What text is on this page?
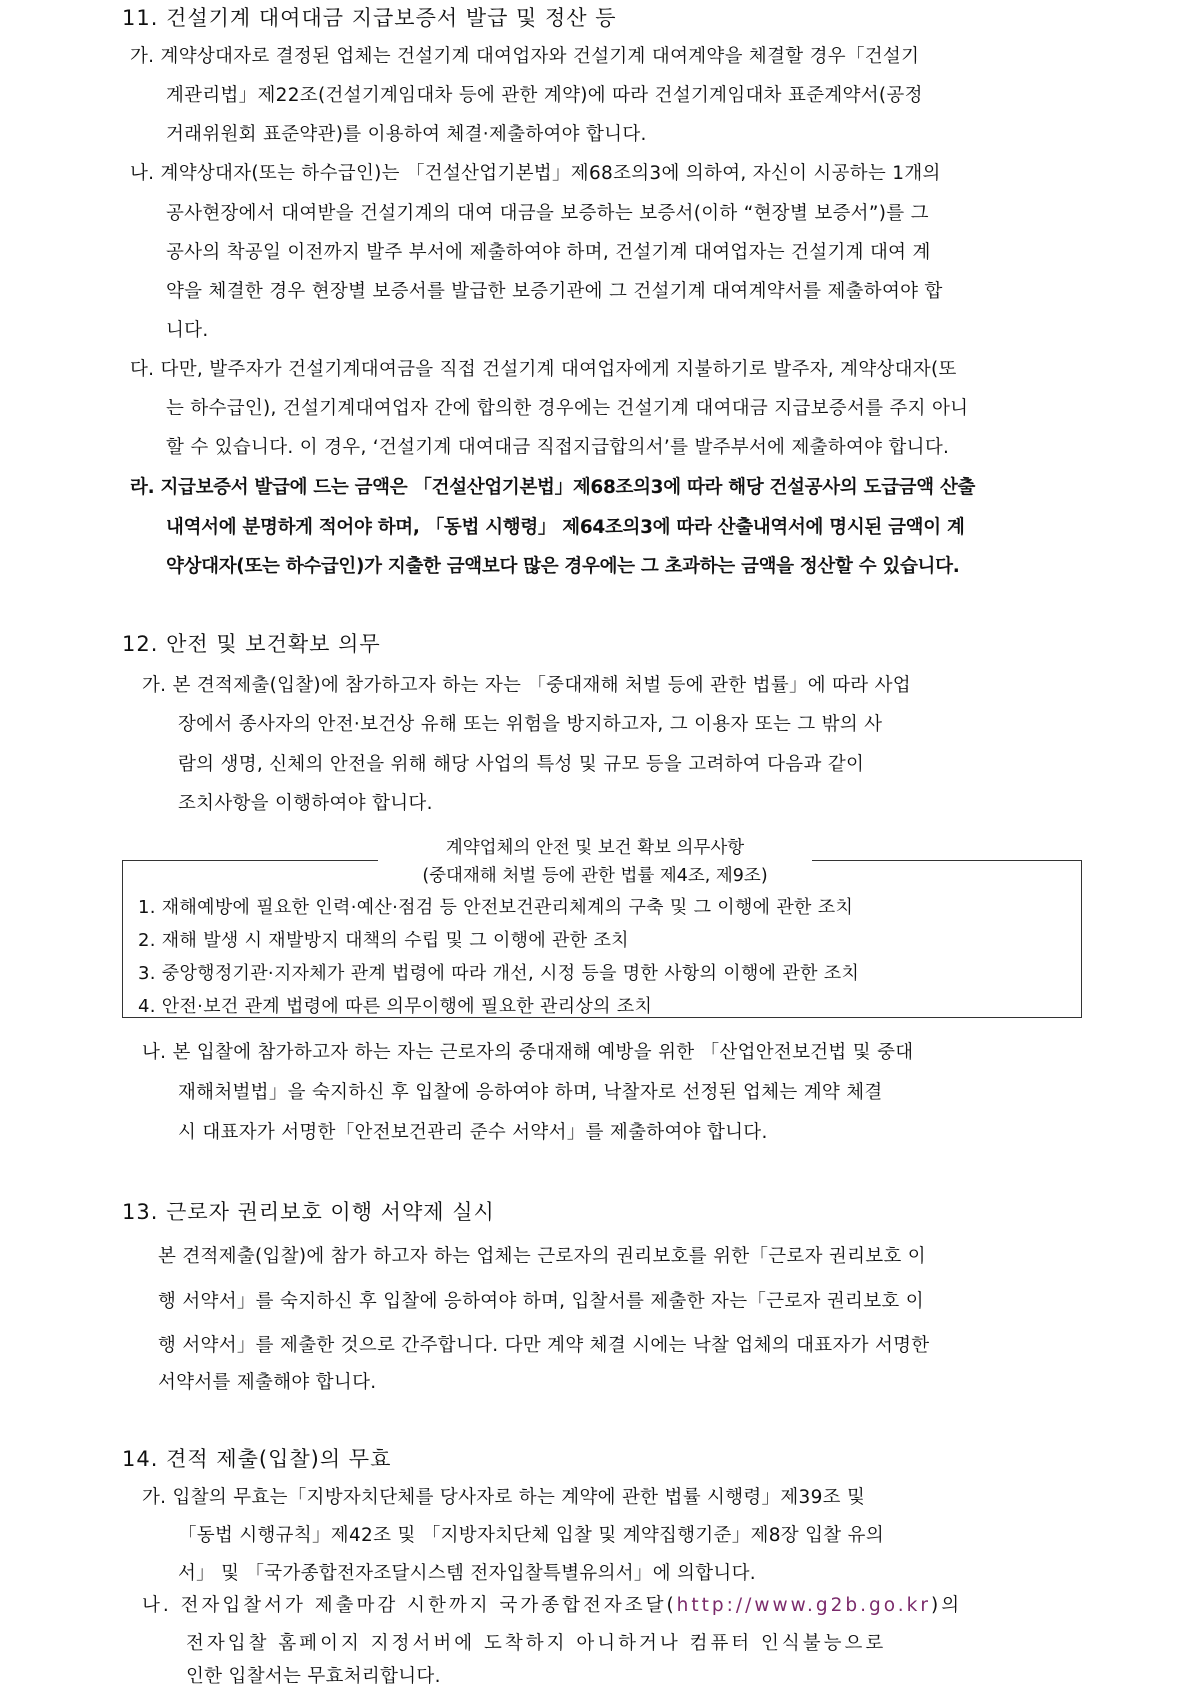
11. 건설기계 대여대금 지급보증서 발급 및 정산 등
가. 계약상대자로 결정된 업체는 건설기계 대여업자와 건설기계 대여계약을 체결할 경우「건설기
계관리법」제22조(건설기계임대차 등에 관한 계약)에 따라 건설기계임대차 표준계약서(공정
거래위원회 표준약관)를 이용하여 체결·제출하여야 합니다.
나. 계약상대자(또는 하수급인)는 「건설산업기본법」제68조의3에 의하여, 자신이 시공하는 1개의
공사현장에서 대여받을 건설기계의 대여 대금을 보증하는 보증서(이하 “현장별 보증서”)를 그
공사의 착공일 이전까지 발주 부서에 제출하여야 하며, 건설기계 대여업자는 건설기계 대여 계
약을 체결한 경우 현장별 보증서를 발급한 보증기관에 그 건설기계 대여계약서를 제출하여야 합
니다.
다. 다만, 발주자가 건설기계대여금을 직접 건설기계 대여업자에게 지불하기로 발주자, 계약상대자(또
는 하수급인), 건설기계대여업자 간에 합의한 경우에는 건설기계 대여대금 지급보증서를 주지 아니
할 수 있습니다. 이 경우, ‘건설기계 대여대금 직접지급합의서’를 발주부서에 제출하여야 합니다.
라. 지급보증서 발급에 드는 금액은 「건설산업기본법」제68조의3에 따라 해당 건설공사의 도급금액 산출
내역서에 분명하게 적어야 하며, 「동법 시행령」 제64조의3에 따라 산출내역서에 명시된 금액이 계
약상대자(또는 하수급인)가 지출한 금액보다 많은 경우에는 그 초과하는 금액을 정산할 수 있습니다.
12. 안전 및 보건확보 의무
가. 본 견적제출(입찰)에 참가하고자 하는 자는 「중대재해 처벌 등에 관한 법률」에 따라 사업
장에서 종사자의 안전·보건상 유해 또는 위험을 방지하고자, 그 이용자 또는 그 밖의 사
람의 생명, 신체의 안전을 위해 해당 사업의 특성 및 규모 등을 고려하여 다음과 같이
조치사항을 이행하여야 합니다.
계약업체의 안전 및 보건 확보 의무사항
(중대재해 처벌 등에 관한 법률 제4조, 제9조)
1. 재해예방에 필요한 인력·예산·점검 등 안전보건관리체계의 구축 및 그 이행에 관한 조치
2. 재해 발생 시 재발방지 대책의 수립 및 그 이행에 관한 조치
3. 중앙행정기관·지자체가 관계 법령에 따라 개선, 시정 등을 명한 사항의 이행에 관한 조치
4. 안전·보건 관계 법령에 따른 의무이행에 필요한 관리상의 조치
나. 본 입찰에 참가하고자 하는 자는 근로자의 중대재해 예방을 위한 「산업안전보건법 및 중대
재해처벌법」을 숙지하신 후 입찰에 응하여야 하며, 낙찰자로 선정된 업체는 계약 체결
시 대표자가 서명한「안전보건관리 준수 서약서」를 제출하여야 합니다.
13. 근로자 권리보호 이행 서약제 실시
본 견적제출(입찰)에 참가 하고자 하는 업체는 근로자의 권리보호를 위한「근로자 권리보호 이
행 서약서」를 숙지하신 후 입찰에 응하여야 하며, 입찰서를 제출한 자는「근로자 권리보호 이
행 서약서」를 제출한 것으로 간주합니다. 다만 계약 체결 시에는 낙찰 업체의 대표자가 서명한
서약서를 제출해야 합니다.
14. 견적 제출(입찰)의 무효
가. 입찰의 무효는「지방자치단체를 당사자로 하는 계약에 관한 법률 시행령」제39조 및
「동법 시행규칙」제42조 및 「지방자치단체 입찰 및 계약집행기준」제8장 입찰 유의
서」 및 「국가종합전자조달시스템 전자입찰특별유의서」에 의합니다.
나. 전자입찰서가 제출마감 시한까지 국가종합전자조달(http://www.g2b.go.kr)의
전자입찰 홈페이지 지정서버에 도착하지 아니하거나 컴퓨터 인식불능으로
인한 입찰서는 무효처리합니다.
